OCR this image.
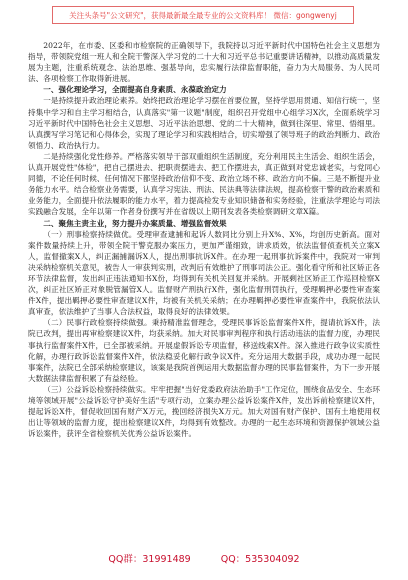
关注头条号"公文研究"，获得最新最全最专业的公文资料库！ 微信：gongwenyj

2022年，在市委、区委和市检察院的正确领导下，我院持以习近平新时代中国特色社会主义思想为指导，带领院党组一班人和全院干警深入学习党的二十大和习近平总书记重要讲话精神，以推动高质量发展为主题，注重系统观念、法治思维、强基导向，忠实履行法律监督职能，奋力为大局服务、为人民司法、各项检察工作取得新进展。

一、强化理论学习，全面提高自身素质、永葆政治定力

一是持续提升政治理论素养。始终把政治理论学习摆在首要位置，坚持学思用贯通、知信行统一，坚持集中学习和自主学习相结合，认真落实"第一议题"制度，组织召开党组中心组学习X次，全面系统学习习近平新时代中国特色社会主义思想、习近平法治思想、党的二十大精神，做到往深里、常里、悟细里。认真撰写学习笔记和心得体会，实现了理论学习和实践相结合，切实增强了领导班子的政治判断力、政治领悟力、政治执行力。

二是持续强化党性修养。严格落实领导干部双重组织生活制度，充分利用民主生活会、组织生活会，认真开展党性"体检"，把自己摆进去、把职责摆进去、把工作摆进去，真正做到对党忠诚老实，与党同心同德，不论任何时候、任何情况下都坚持政治信仰不变、政治立场不移、政治方向不偏。三是不断提升业务能力水平。结合检察业务需要，认真学习宪法、刑法、民法典等法律法规，提高检察干警的政治素质和业务能力，全面提升依法履职的能力水平，着力提高检发专业知识储备和实务经验，注重法学理论与司法实践融合发展，全年以第一作者身份撰写并在省级以上期刊发表各类检察调研文章X篇。

二、聚焦主责主业，努力提升办案质量、增强监督效果

（一）刑事检察持续做优。受理审查逮捕和起诉人数同比分别上升X%、X%，均创历史新高。面对案件数量持续上升，带领全院干警克服办案压力，更加严谨细致，讲求质效，依法监督侦查机关立案X人，监督撤案X人，纠正漏捕漏诉X人，提出刑事抗诉X件。在办理一起刑事抗诉案件中，我院对一审判决采纳检察机关意见，被告人一审获判实刑，改判后有效维护了刑事司法公正。强化看守所和社区矫正各环节法律监督，发出纠正违法通知书X份，均得到有关机关回复并采纳。开展剩社区矫正工作巡回检察X次，纠正社区矫正对象脱管漏管X人。监督财产刑执行X件，强化监督刑罚执行，受理羁押必要性审查案件X件，提出羁押必要性审查建议X件，均被有关机关采纳；在办理羁押必要性审查案件中，我院依法认真审查，依法维护了当事人合法权益，取得良好的法律效果。

（二）民事行政检察持续做强。秉持精准监督理念，受理民事诉讼监督案件X件，提请抗诉X件，法院已改判，提出再审检察建议X件，均获采纳。加大对民事审判程序和执行活动违法的监督力度，办理民事执行监督案件X件，已全部被采纳。开展虚假诉讼专项监督，移送线索X件。深入推进行政争议实质性化解，办理行政诉讼监督案件X件，依法稳妥化解行政争议X件。充分运用大数据手段，成功办理一起民事案件，法院已全部采纳检察建议，该案是我院首例运用大数据监督办理的民事监督案件，为下一步开展大数据法律监督积累了有益经验。

（三）公益诉讼检察持续做实。牢牢把握"当好党委政府法治助手"工作定位，围绕食品安全、生态环境等领域开展"公益诉讼守护美好生活"专项行动，立案办理公益诉讼案件X件，发出诉前检察建议X件，提起诉讼X件，督促收回国有财产X万元，挽回经济损失X万元。加大对国有财产保护、国有土地使用权出让等领域的监督力度，提出检察建议X件，均得到有效整改。办理的一起生态环境和资源保护领域公益诉讼案件，获评全省检察机关优秀公益诉讼案件。

QQ群：31991489	QQ：535304092
